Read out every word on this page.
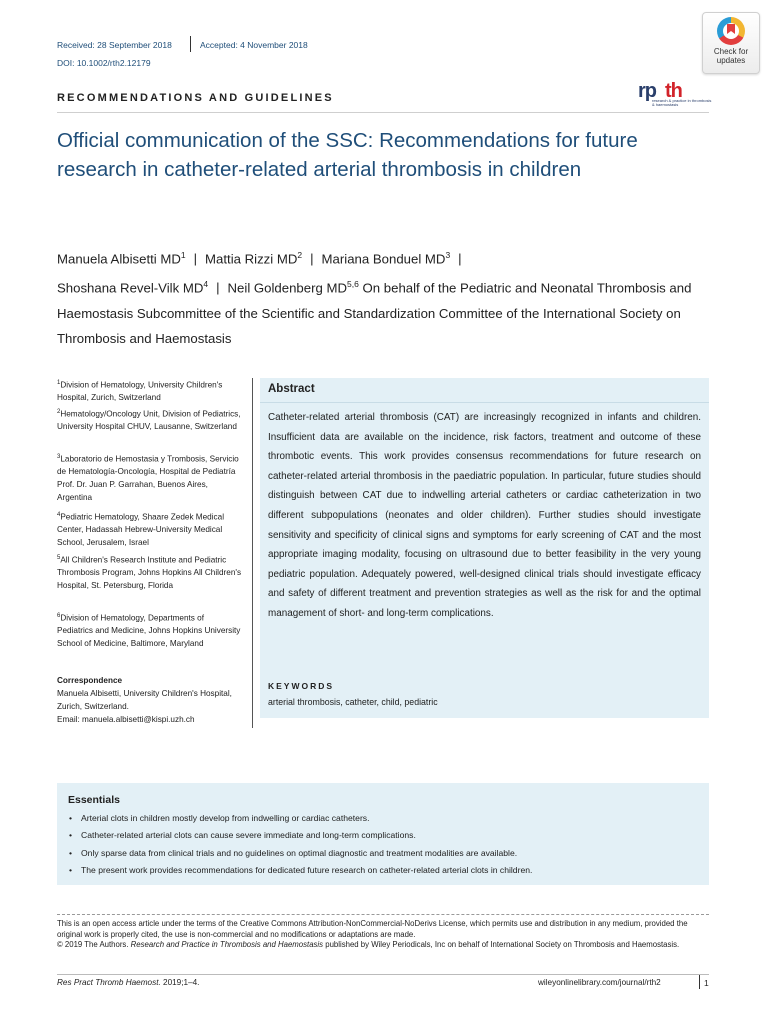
Received: 28 September 2018	Accepted: 4 November 2018
DOI: 10.1002/rth2.12179
Check for updates
rp th
research & practice in thrombosis & haemostasis
RECOMMENDATIONS AND GUIDELINES
Official communication of the SSC: Recommendations for future research in catheter-related arterial thrombosis in children
Manuela Albisetti $MD^1$ | Mattia Rizzi $MD^2$ | Mariana Bonduel $MD^3$ |
Shoshana Revel-Vilk $MD^4$ | Neil Goldenberg MD$^{5,6}$ On behalf of the Pediatric and Neonatal Thrombosis and Haemostasis Subcommittee of the Scientific and Standardization Committee of the International Society on Thrombosis and Haemostasis
$^1$Division of Hematology, University Children's Hospital, Zurich, Switzerland
$^2$Hematology/Oncology Unit, Division of Pediatrics, University Hospital CHUV, Lausanne, Switzerland
$^3$Laboratorio de Hemostasia y Trombosis, Servicio de Hematología-Oncología, Hospital de Pediatría Prof. Dr. Juan P. Garrahan, Buenos Aires, Argentina
$^4$Pediatric Hematology, Shaare Zedek Medical Center, Hadassah Hebrew-University Medical School, Jerusalem, Israel
$^5$All Children's Research Institute and Pediatric Thrombosis Program, Johns Hopkins All Children's Hospital, St. Petersburg, Florida
$^6$Division of Hematology, Departments of Pediatrics and Medicine, Johns Hopkins University School of Medicine, Baltimore, Maryland
Correspondence
Manuela Albisetti, University Children's Hospital, Zurich, Switzerland.
Email: manuela.albisetti@kispi.uzh.ch
Abstract
Catheter-related arterial thrombosis (CAT) are increasingly recognized in infants and children. Insufficient data are available on the incidence, risk factors, treatment and outcome of these thrombotic events. This work provides consensus recommendations for future research on catheter-related arterial thrombosis in the paediatric population. In particular, future studies should distinguish between CAT due to indwelling arterial catheters or cardiac catheterization in two different subpopulations (neonates and older children). Further studies should investigate sensitivity and specificity of clinical signs and symptoms for early screening of CAT and the most appropriate imaging modality, focusing on ultrasound due to better feasibility in the very young pediatric population. Adequately powered, well-designed clinical trials should investigate efficacy and safety of different treatment and prevention strategies as well as the risk for and the optimal management of short- and long-term complications.
KEYWORDS
arterial thrombosis, catheter, child, pediatric
Essentials
• Arterial clots in children mostly develop from indwelling or cardiac catheters.
• Catheter-related arterial clots can cause severe immediate and long-term complications.
• Only sparse data from clinical trials and no guidelines on optimal diagnostic and treatment modalities are available.
• The present work provides recommendations for dedicated future research on catheter-related arterial clots in children.
This is an open access article under the terms of the Creative Commons Attribution-NonCommercial-NoDerivs License, which permits use and distribution in any medium, provided the original work is properly cited, the use is non-commercial and no modifications or adaptations are made.
© 2019 The Authors. Research and Practice in Thrombosis and Haemostasis published by Wiley Periodicals, Inc on behalf of International Society on Thrombosis and Haemostasis.
Res Pract Thromb Haemost. 2019;1–4.	wileyonlinelibrary.com/journal/rth2	1
